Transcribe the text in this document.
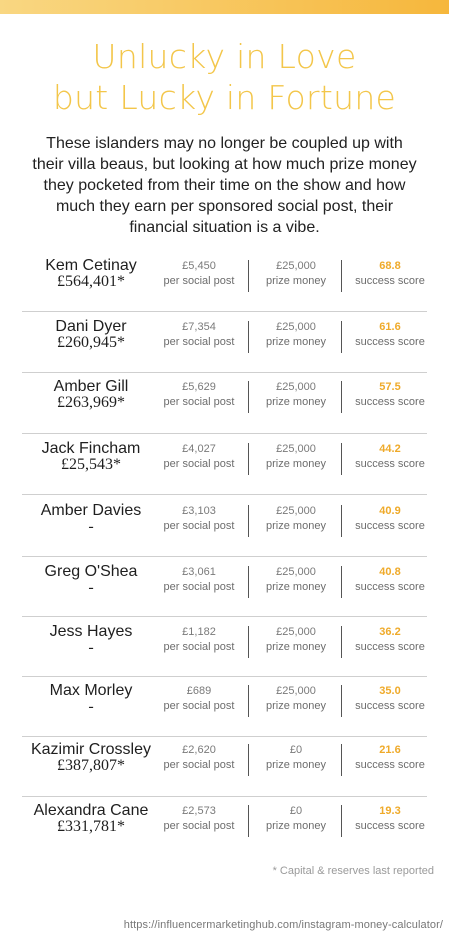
Unlucky in Love
but Lucky in Fortune
These islanders may no longer be coupled up with their villa beaus, but looking at how much prize money they pocketed from their time on the show and how much they earn per sponsored social post, their financial situation is a vibe.
Kem Cetinay
£564,401*
£5,450
per social post
£25,000
prize money
68.8
success score
Dani Dyer
£260,945*
£7,354
per social post
£25,000
prize money
61.6
success score
Amber Gill
£263,969*
£5,629
per social post
£25,000
prize money
57.5
success score
Jack Fincham
£25,543*
£4,027
per social post
£25,000
prize money
44.2
success score
Amber Davies
-
£3,103
per social post
£25,000
prize money
40.9
success score
Greg O'Shea
-
£3,061
per social post
£25,000
prize money
40.8
success score
Jess Hayes
-
£1,182
per social post
£25,000
prize money
36.2
success score
Max Morley
-
£689
per social post
£25,000
prize money
35.0
success score
Kazimir Crossley
£387,807*
£2,620
per social post
£0
prize money
21.6
success score
Alexandra Cane
£331,781*
£2,573
per social post
£0
prize money
19.3
success score
* Capital & reserves last reported
https://influencermarketinghub.com/instagram-money-calculator/
